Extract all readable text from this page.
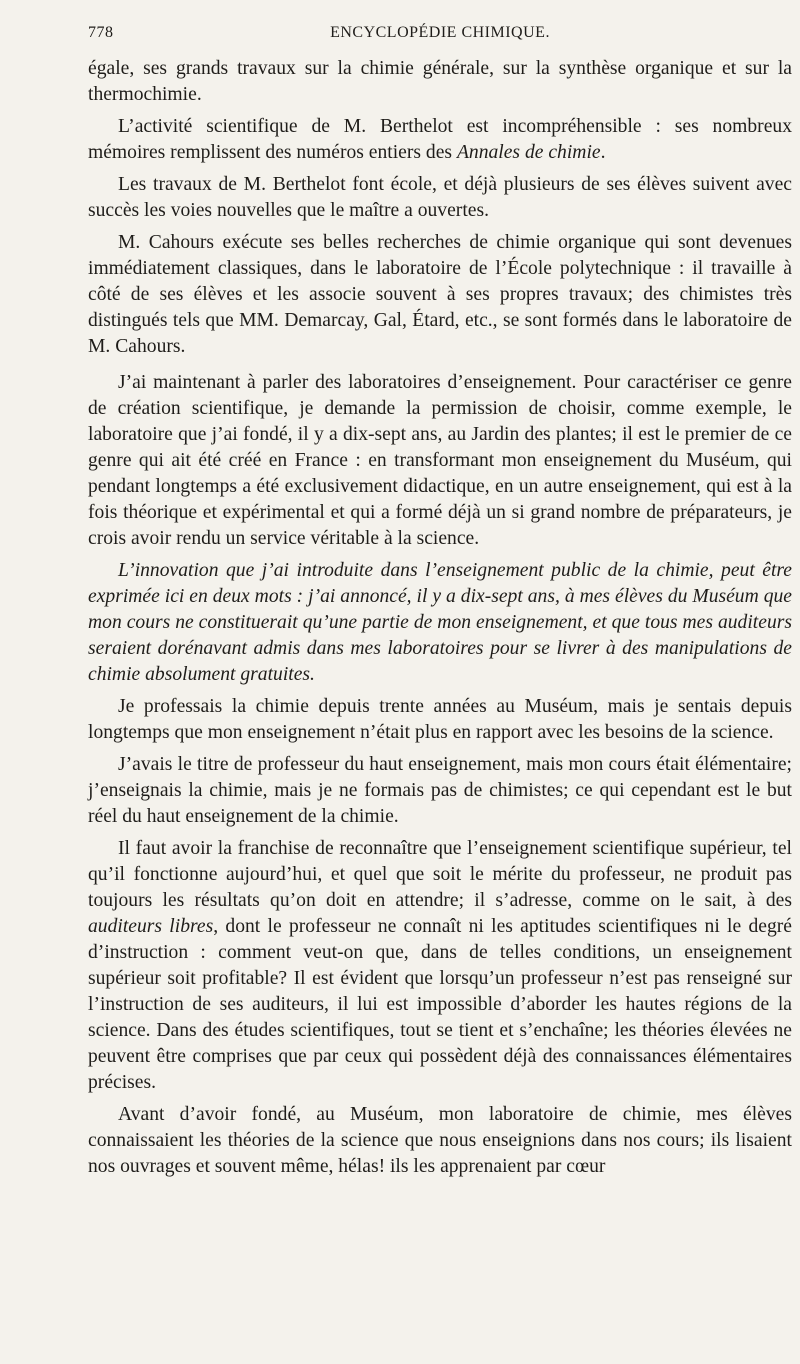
778	ENCYCLOPÉDIE CHIMIQUE.

égale, ses grands travaux sur la chimie générale, sur la synthèse organique et sur la thermochimie.

L’activité scientifique de M. Berthelot est incompréhensible : ses nombreux mémoires remplissent des numéros entiers des Annales de chimie.

Les travaux de M. Berthelot font école, et déjà plusieurs de ses élèves suivent avec succès les voies nouvelles que le maître a ouvertes.

M. Cahours exécute ses belles recherches de chimie organique qui sont devenues immédiatement classiques, dans le laboratoire de l’École polytechnique : il travaille à côté de ses élèves et les associe souvent à ses propres travaux; des chimistes très distingués tels que MM. Demarcay, Gal, Étard, etc., se sont formés dans le laboratoire de M. Cahours.

J’ai maintenant à parler des laboratoires d’enseignement. Pour caractériser ce genre de création scientifique, je demande la permission de choisir, comme exemple, le laboratoire que j’ai fondé, il y a dix-sept ans, au Jardin des plantes; il est le premier de ce genre qui ait été créé en France : en transformant mon enseignement du Muséum, qui pendant longtemps a été exclusivement didactique, en un autre enseignement, qui est à la fois théorique et expérimental et qui a formé déjà un si grand nombre de préparateurs, je crois avoir rendu un service véritable à la science.

L’innovation que j’ai introduite dans l’enseignement public de la chimie, peut être exprimée ici en deux mots : j’ai annoncé, il y a dix-sept ans, à mes élèves du Muséum que mon cours ne constituerait qu’une partie de mon enseignement, et que tous mes auditeurs seraient dorénavant admis dans mes laboratoires pour se livrer à des manipulations de chimie absolument gratuites.

Je professais la chimie depuis trente années au Muséum, mais je sentais depuis longtemps que mon enseignement n’était plus en rapport avec les besoins de la science.

J’avais le titre de professeur du haut enseignement, mais mon cours était élémentaire; j’enseignais la chimie, mais je ne formais pas de chimistes; ce qui cependant est le but réel du haut enseignement de la chimie.

Il faut avoir la franchise de reconnaître que l’enseignement scientifique supérieur, tel qu’il fonctionne aujourd’hui, et quel que soit le mérite du professeur, ne produit pas toujours les résultats qu’on doit en attendre; il s’adresse, comme on le sait, à des auditeurs libres, dont le professeur ne connaît ni les aptitudes scientifiques ni le degré d’instruction : comment veut-on que, dans de telles conditions, un enseignement supérieur soit profitable? Il est évident que lorsqu’un professeur n’est pas renseigné sur l’instruction de ses auditeurs, il lui est impossible d’aborder les hautes régions de la science. Dans des études scientifiques, tout se tient et s’enchaîne; les théories élevées ne peuvent être comprises que par ceux qui possèdent déjà des connaissances élémentaires précises.

Avant d’avoir fondé, au Muséum, mon laboratoire de chimie, mes élèves connaissaient les théories de la science que nous enseignions dans nos cours; ils lisaient nos ouvrages et souvent même, hélas! ils les apprenaient par cœur
